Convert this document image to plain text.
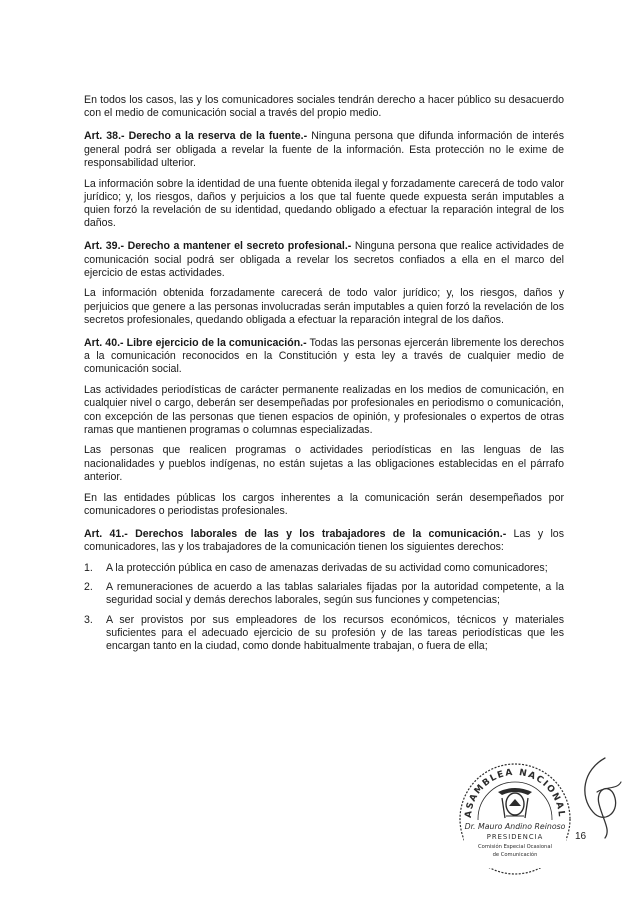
En todos los casos, las y los comunicadores sociales tendrán derecho a hacer público su desacuerdo con el medio de comunicación social a través del propio medio.

Art. 38.- Derecho a la reserva de la fuente.- Ninguna persona que difunda información de interés general podrá ser obligada a revelar la fuente de la información. Esta protección no le exime de responsabilidad ulterior.

La información sobre la identidad de una fuente obtenida ilegal y forzadamente carecerá de todo valor jurídico; y, los riesgos, daños y perjuicios a los que tal fuente quede expuesta serán imputables a quien forzó la revelación de su identidad, quedando obligado a efectuar la reparación integral de los daños.

Art. 39.- Derecho a mantener el secreto profesional.- Ninguna persona que realice actividades de comunicación social podrá ser obligada a revelar los secretos confiados a ella en el marco del ejercicio de estas actividades.

La información obtenida forzadamente carecerá de todo valor jurídico; y, los riesgos, daños y perjuicios que genere a las personas involucradas serán imputables a quien forzó la revelación de los secretos profesionales, quedando obligada a efectuar la reparación integral de los daños.

Art. 40.- Libre ejercicio de la comunicación.- Todas las personas ejercerán libremente los derechos a la comunicación reconocidos en la Constitución y esta ley a través de cualquier medio de comunicación social.

Las actividades periodísticas de carácter permanente realizadas en los medios de comunicación, en cualquier nivel o cargo, deberán ser desempeñadas por profesionales en periodismo o comunicación, con excepción de las personas que tienen espacios de opinión, y profesionales o expertos de otras ramas que mantienen programas o columnas especializadas.

Las personas que realicen programas o actividades periodísticas en las lenguas de las nacionalidades y pueblos indígenas, no están sujetas a las obligaciones establecidas en el párrafo anterior.

En las entidades públicas los cargos inherentes a la comunicación serán desempeñados por comunicadores o periodistas profesionales.

Art. 41.- Derechos laborales de las y los trabajadores de la comunicación.- Las y los comunicadores, las y los trabajadores de la comunicación tienen los siguientes derechos:

1. A la protección pública en caso de amenazas derivadas de su actividad como comunicadores;
2. A remuneraciones de acuerdo a las tablas salariales fijadas por la autoridad competente, a la seguridad social y demás derechos laborales, según sus funciones y competencias;
3. A ser provistos por sus empleadores de los recursos económicos, técnicos y materiales suficientes para el adecuado ejercicio de su profesión y de las tareas periodísticas que les encargan tanto en la ciudad, como donde habitualmente trabajan, o fuera de ella;
16
ASAMBLEA NACIONAL
Dr. Mauro Andino Reinoso
PRESIDENCIA
Comisión Especial Ocasional
de Comunicación
